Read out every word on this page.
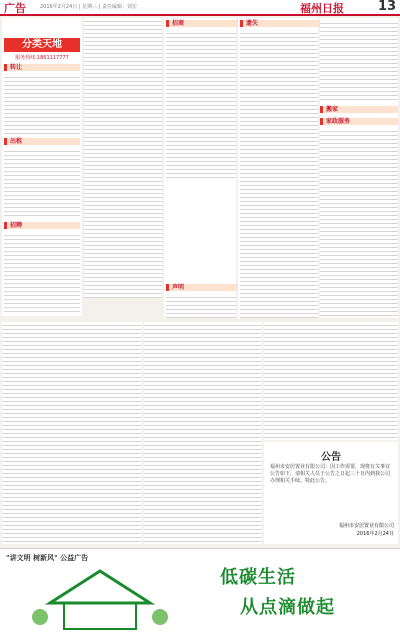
广告	2016年2月24日 | 星期三 | 责任编辑：刘宏	福州日报	13
分类天地
服务热线:1861117777
转让
出租
招聘
招商
声明
遗失
搬家
家政服务
公告
福州市安居置业有限公司：因工作需要，现将有关事宜公告如下，请相关人员于公告之日起三十日内到我公司办理相关手续。特此公告。
福州市安居置业有限公司
2016年2月24日
"讲文明 树新风" 公益广告
低碳生活
从点滴做起
